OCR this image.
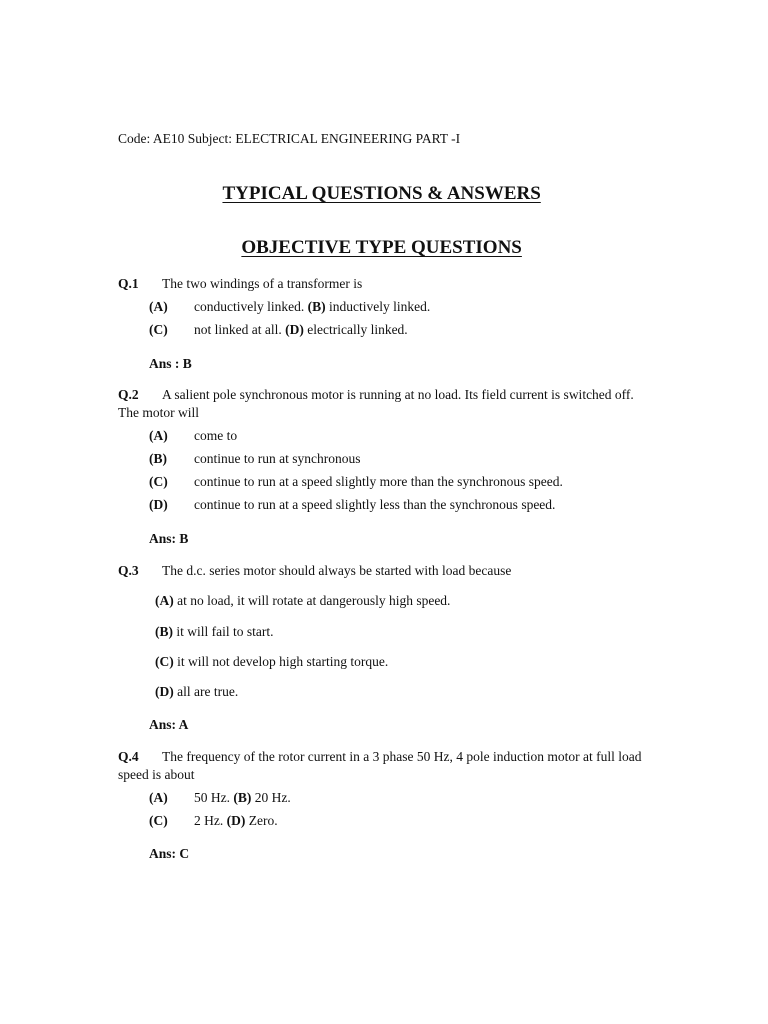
Code: AE10 Subject: ELECTRICAL ENGINEERING PART -I
TYPICAL QUESTIONS & ANSWERS
OBJECTIVE TYPE QUESTIONS
Q.1 The two windings of a transformer is
(A) conductively linked. (B) inductively linked.
(C) not linked at all. (D) electrically linked.
Ans : B
Q.2 A salient pole synchronous motor is running at no load. Its field current is switched off.
The motor will
(A) come to
(B) continue to run at synchronous
(C) continue to run at a speed slightly more than the synchronous speed.
(D) continue to run at a speed slightly less than the synchronous speed.
Ans: B
Q.3 The d.c. series motor should always be started with load because
(A) at no load, it will rotate at dangerously high speed.
(B) it will fail to start.
(C) it will not develop high starting torque.
(D) all are true.
Ans: A
Q.4 The frequency of the rotor current in a 3 phase 50 Hz, 4 pole induction motor at full load
speed is about
(A) 50 Hz. (B) 20 Hz.
(C) 2 Hz. (D) Zero.
Ans: C
